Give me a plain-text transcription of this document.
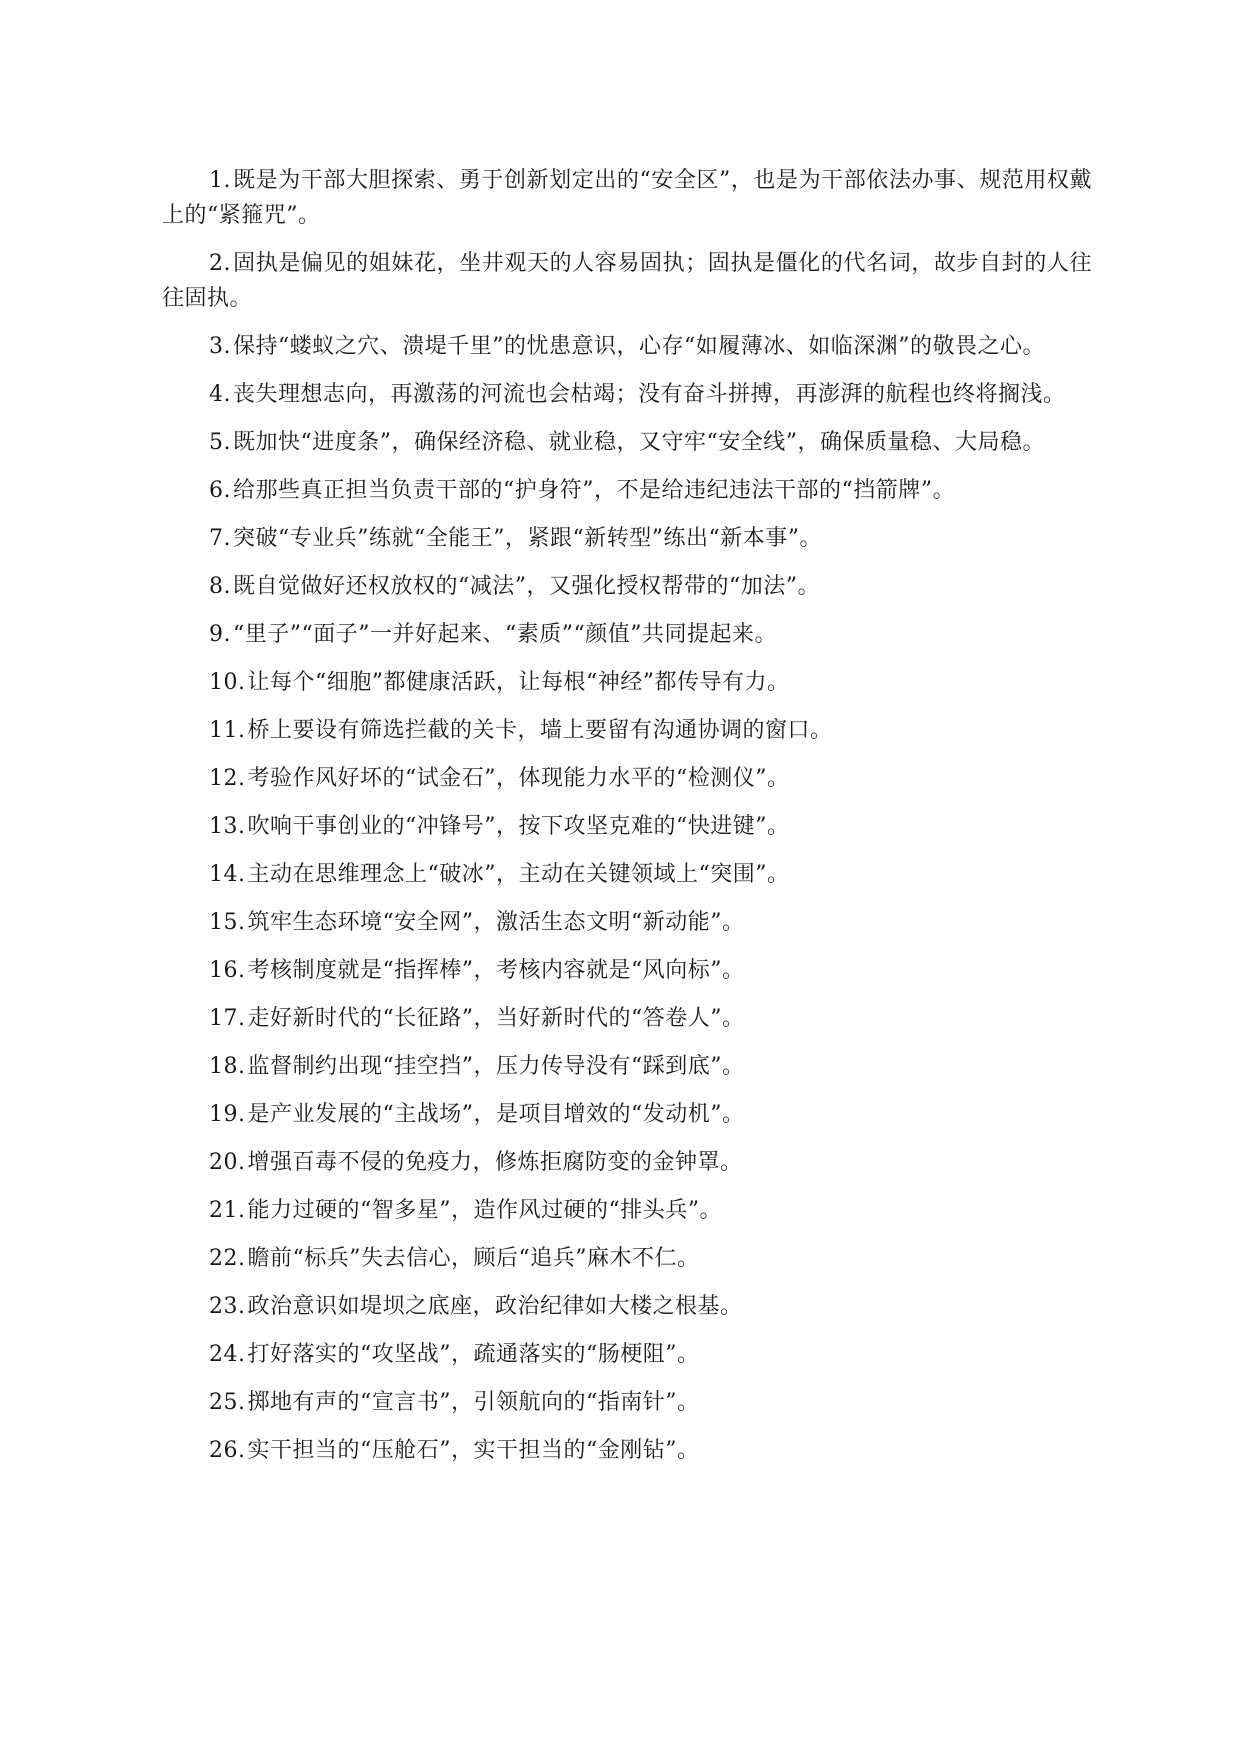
1.既是为干部大胆探索、勇于创新划定出的“安全区”，也是为干部依法办事、规范用权戴上的“紧箍咒”。

2.固执是偏见的姐妹花，坐井观天的人容易固执；固执是僵化的代名词，故步自封的人往往固执。

3.保持“蝼蚁之穴、溃堤千里”的忧患意识，心存“如履薄冰、如临深渊”的敬畏之心。

4.丧失理想志向，再激荡的河流也会枯竭；没有奋斗拼搏，再澎湃的航程也终将搁浅。

5.既加快“进度条”，确保经济稳、就业稳，又守牢“安全线”，确保质量稳、大局稳。

6.给那些真正担当负责干部的“护身符”，不是给违纪违法干部的“挡箭牌”。

7.突破“专业兵”练就“全能王”，紧跟“新转型”练出“新本事”。

8.既自觉做好还权放权的“减法”，又强化授权帮带的“加法”。

9.“里子”“面子”一并好起来、“素质”“颜值”共同提起来。

10.让每个“细胞”都健康活跃，让每根“神经”都传导有力。

11.桥上要设有筛选拦截的关卡，墙上要留有沟通协调的窗口。

12.考验作风好坏的“试金石”，体现能力水平的“检测仪”。

13.吹响干事创业的“冲锋号”，按下攻坚克难的“快进键”。

14.主动在思维理念上“破冰”，主动在关键领域上“突围”。

15.筑牢生态环境“安全网”，激活生态文明“新动能”。

16.考核制度就是“指挥棒”，考核内容就是“风向标”。

17.走好新时代的“长征路”，当好新时代的“答卷人”。

18.监督制约出现“挂空挡”，压力传导没有“踩到底”。

19.是产业发展的“主战场”，是项目增效的“发动机”。

20.增强百毒不侵的免疫力，修炼拒腐防变的金钟罩。

21.能力过硬的“智多星”，造作风过硬的“排头兵”。

22.瞻前“标兵”失去信心，顾后“追兵”麻木不仁。

23.政治意识如堤坝之底座，政治纪律如大楼之根基。

24.打好落实的“攻坚战”，疏通落实的“肠梗阻”。

25.掷地有声的“宣言书”，引领航向的“指南针”。

26.实干担当的“压舱石”，实干担当的“金刚钻”。
